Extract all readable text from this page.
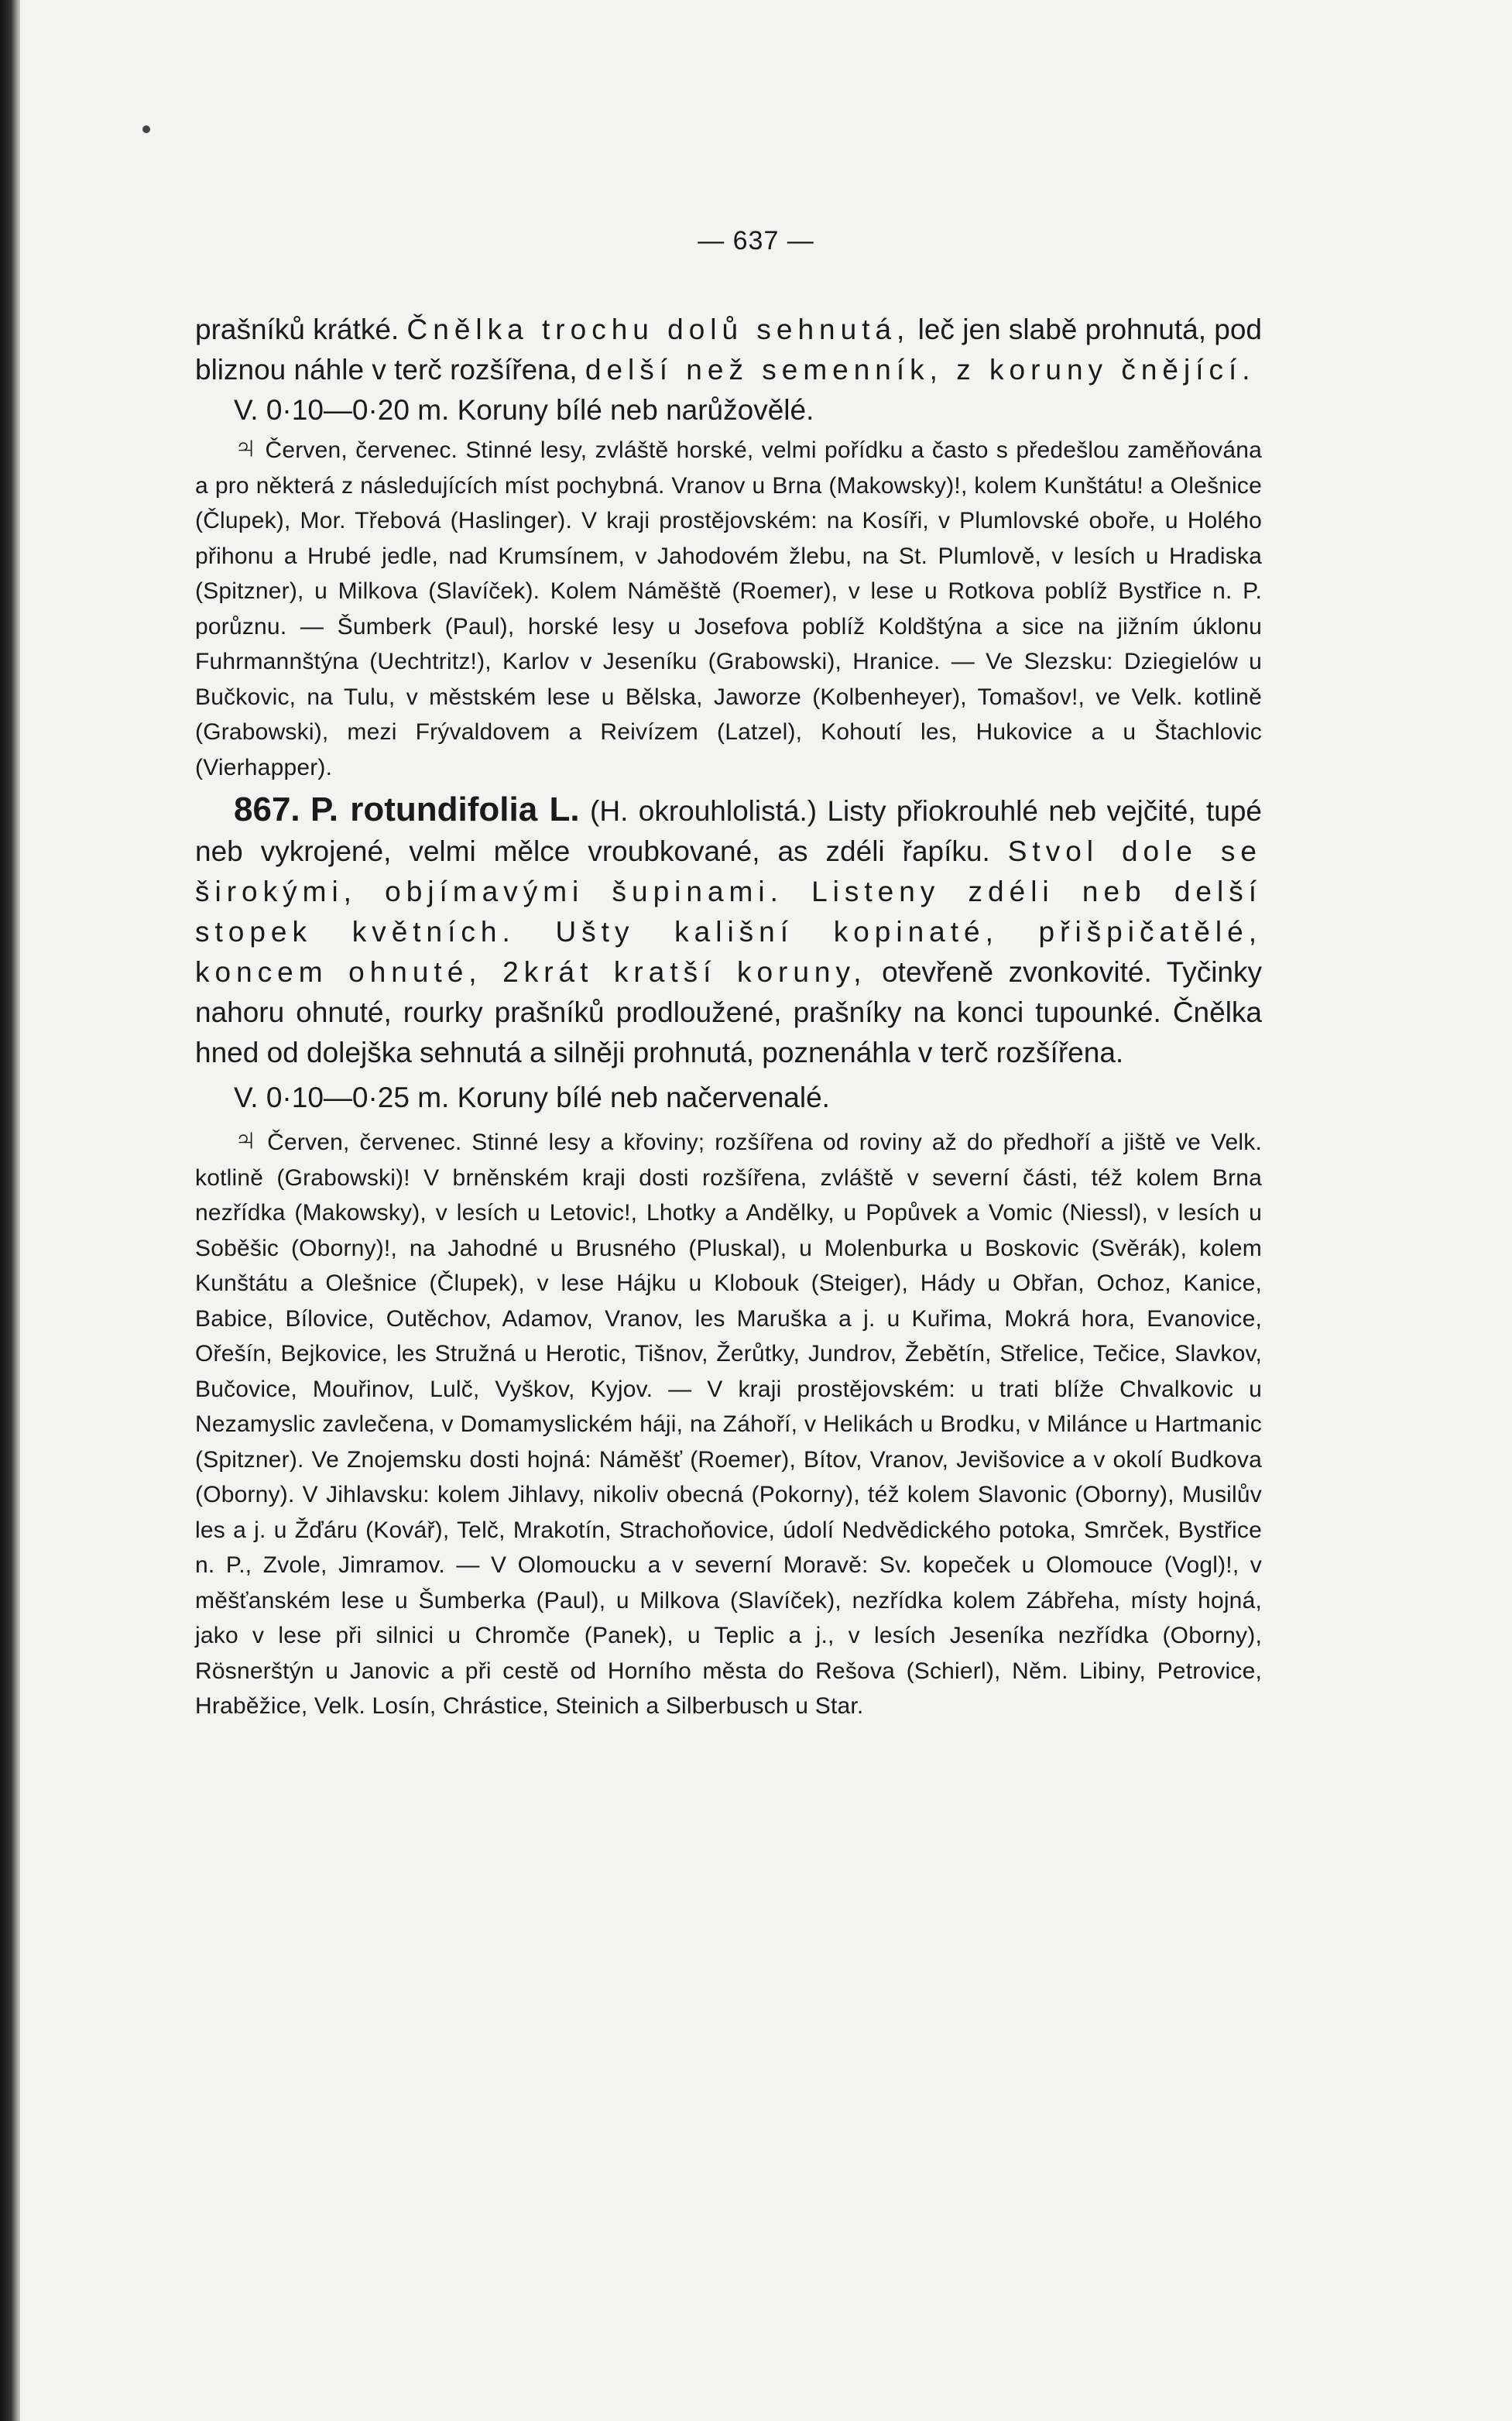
— 637 —

prašníků krátké. Čnělka trochu dolů sehnutá, leč jen slabě prohnutá, pod bliznou náhle v terč rozšířena, delší než semenník, z koruny čnějící.

V. 0·10—0·20 m. Koruny bílé neb narůžovělé.

♃ Červen, červenec. Stinné lesy, zvláště horské, velmi pořídku a často s předešlou zaměňována a pro některá z následujících míst pochybná. Vranov u Brna (Makowsky)!, kolem Kunštátu! a Olešnice (Člupek), Mor. Třebová (Haslinger). V kraji prostějovském: na Kosíři, v Plumlovské oboře, u Holého přihonu a Hrubé jedle, nad Krumsínem, v Jahodovém žlebu, na St. Plumlově, v lesích u Hradiska (Spitzner), u Milkova (Slavíček). Kolem Náměště (Roemer), v lese u Rotkova poblíž Bystřice n. P. porůznu. — Šumberk (Paul), horské lesy u Josefova poblíž Koldštýna a sice na jižním úklonu Fuhrmannštýna (Uechtritz!), Karlov v Jeseníku (Grabowski), Hranice. — Ve Slezsku: Dziegielów u Bučkovic, na Tulu, v městském lese u Bělska, Jaworze (Kolbenheyer), Tomašov!, ve Velk. kotlině (Grabowski), mezi Frývaldovem a Reivízem (Latzel), Kohoutí les, Hukovice a u Štachlovic (Vierhapper).

867. P. rotundifolia L. (H. okrouhlolistá.) Listy přiokrouhlé neb vejčité, tupé neb vykrojené, velmi mělce vroubkované, as zdéli řapíku. Stvol dole se širokými, objímavými šupinami. Listeny zdéli neb delší stopek květních. Ušty kališní kopinaté, přišpičatělé, koncem ohnuté, 2krát kratší koruny, otevřeně zvonkovité. Tyčinky nahoru ohnuté, rourky prašníků prodloužené, prašníky na konci tupounké. Čnělka hned od dolejška sehnutá a silněji prohnutá, poznenáhla v terč rozšířena.

V. 0·10—0·25 m. Koruny bílé neb načervenalé.

♃ Červen, červenec. Stinné lesy a křoviny; rozšířena od roviny až do předhoří a jiště ve Velk. kotlině (Grabowski)! V brněnském kraji dosti rozšířena, zvláště v severní části, též kolem Brna nezřídka (Makowsky), v lesích u Letovic!, Lhotky a Andělky, u Popůvek a Vomic (Niessl), v lesích u Soběšic (Oborny)!, na Jahodné u Brusného (Pluskal), u Molenburka u Boskovic (Svěrák), kolem Kunštátu a Olešnice (Člupek), v lese Hájku u Klobouk (Steiger), Hády u Obřan, Ochoz, Kanice, Babice, Bílovice, Outěchov, Adamov, Vranov, les Maruška a j. u Kuřima, Mokrá hora, Evanovice, Ořešín, Bejkovice, les Stružná u Herotic, Tišnov, Žerůtky, Jundrov, Žebětín, Střelice, Tečice, Slavkov, Bučovice, Mouřinov, Lulč, Vyškov, Kyjov. — V kraji prostějovském: u trati blíže Chvalkovic u Nezamyslic zavlečena, v Domamyslickém háji, na Záhoří, v Helikách u Brodku, v Milánce u Hartmanic (Spitzner). Ve Znojemsku dosti hojná: Náměšť (Roemer), Bítov, Vranov, Jevišovice a v okolí Budkova (Oborny). V Jihlavsku: kolem Jihlavy, nikoliv obecná (Pokorny), též kolem Slavonic (Oborny), Musilův les a j. u Žďáru (Kovář), Telč, Mrakotín, Strachoňovice, údolí Nedvědického potoka, Smrček, Bystřice n. P., Zvole, Jimramov. — V Olomoucku a v severní Moravě: Sv. kopeček u Olomouce (Vogl)!, v měšťanském lese u Šumberka (Paul), u Milkova (Slavíček), nezřídka kolem Zábřeha, místy hojná, jako v lese při silnici u Chromče (Panek), u Teplic a j., v lesích Jeseníka nezřídka (Oborny), Rösnerštýn u Janovic a při cestě od Horního města do Rešova (Schierl), Něm. Libiny, Petrovice, Hraběžice, Velk. Losín, Chrástice, Steinich a Silberbusch u Star.
